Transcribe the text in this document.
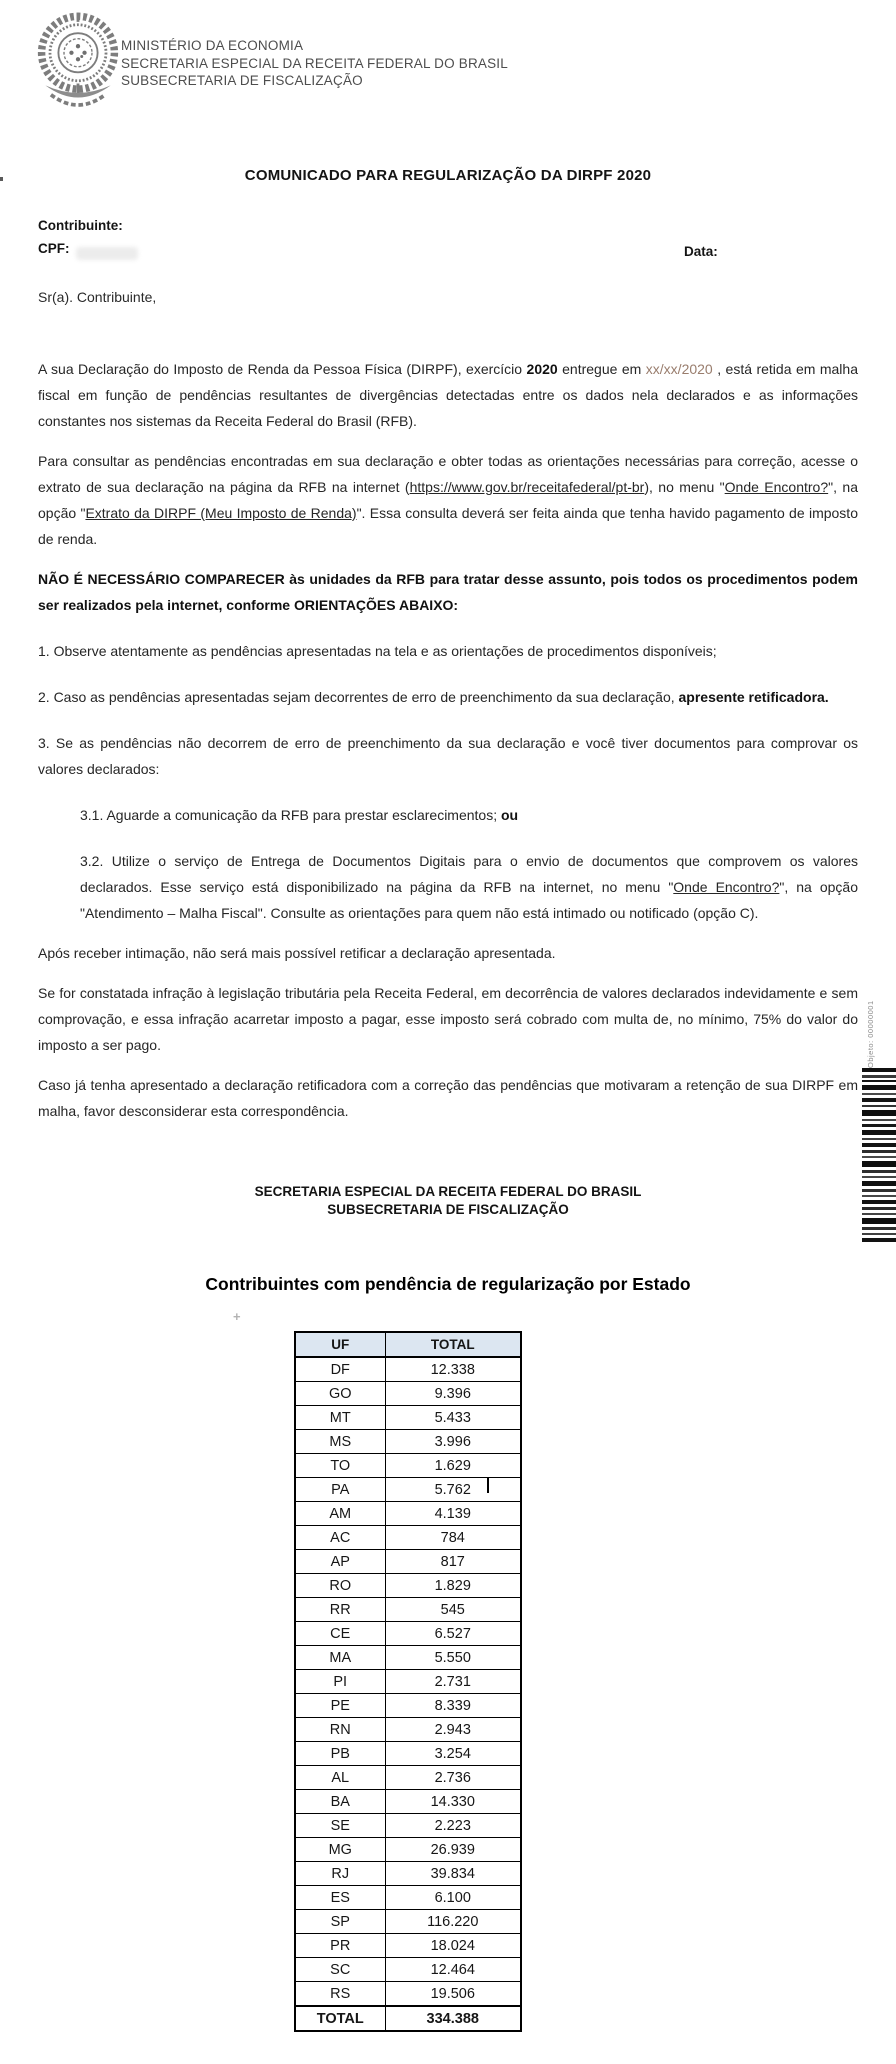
MINISTÉRIO DA ECONOMIA
SECRETARIA ESPECIAL DA RECEITA FEDERAL DO BRASIL
SUBSECRETARIA DE FISCALIZAÇÃO
COMUNICADO PARA REGULARIZAÇÃO DA DIRPF 2020
Contribuinte:
CPF:	Data:
Sr(a). Contribuinte,

A sua Declaração do Imposto de Renda da Pessoa Física (DIRPF), exercício 2020 entregue em xx/xx/2020 , está retida em malha fiscal em função de pendências resultantes de divergências detectadas entre os dados nela declarados e as informações constantes nos sistemas da Receita Federal do Brasil (RFB).

Para consultar as pendências encontradas em sua declaração e obter todas as orientações necessárias para correção, acesse o extrato de sua declaração na página da RFB na internet (https://www.gov.br/receitafederal/pt-br), no menu "Onde Encontro?", na opção "Extrato da DIRPF (Meu Imposto de Renda)". Essa consulta deverá ser feita ainda que tenha havido pagamento de imposto de renda.

NÃO É NECESSÁRIO COMPARECER às unidades da RFB para tratar desse assunto, pois todos os procedimentos podem ser realizados pela internet, conforme ORIENTAÇÕES ABAIXO:

1. Observe atentamente as pendências apresentadas na tela e as orientações de procedimentos disponíveis;

2. Caso as pendências apresentadas sejam decorrentes de erro de preenchimento da sua declaração, apresente retificadora.

3. Se as pendências não decorrem de erro de preenchimento da sua declaração e você tiver documentos para comprovar os valores declarados:

3.1. Aguarde a comunicação da RFB para prestar esclarecimentos; ou

3.2. Utilize o serviço de Entrega de Documentos Digitais para o envio de documentos que comprovem os valores declarados. Esse serviço está disponibilizado na página da RFB na internet, no menu "Onde Encontro?", na opção "Atendimento – Malha Fiscal". Consulte as orientações para quem não está intimado ou notificado (opção C).

Após receber intimação, não será mais possível retificar a declaração apresentada.

Se for constatada infração à legislação tributária pela Receita Federal, em decorrência de valores declarados indevidamente e sem comprovação, e essa infração acarretar imposto a pagar, esse imposto será cobrado com multa de, no mínimo, 75% do valor do imposto a ser pago.

Caso já tenha apresentado a declaração retificadora com a correção das pendências que motivaram a retenção de sua DIRPF em malha, favor desconsiderar esta correspondência.

SECRETARIA ESPECIAL DA RECEITA FEDERAL DO BRASIL
SUBSECRETARIA DE FISCALIZAÇÃO
Objeto: 00000001
Contribuintes com pendência de regularização por Estado
+
UF	TOTAL
DF	12.338
GO	9.396
MT	5.433
MS	3.996
TO	1.629
PA	5.762
AM	4.139
AC	784
AP	817
RO	1.829
RR	545
CE	6.527
MA	5.550
PI	2.731
PE	8.339
RN	2.943
PB	3.254
AL	2.736
BA	14.330
SE	2.223
MG	26.939
RJ	39.834
ES	6.100
SP	116.220
PR	18.024
SC	12.464
RS	19.506
TOTAL	334.388
